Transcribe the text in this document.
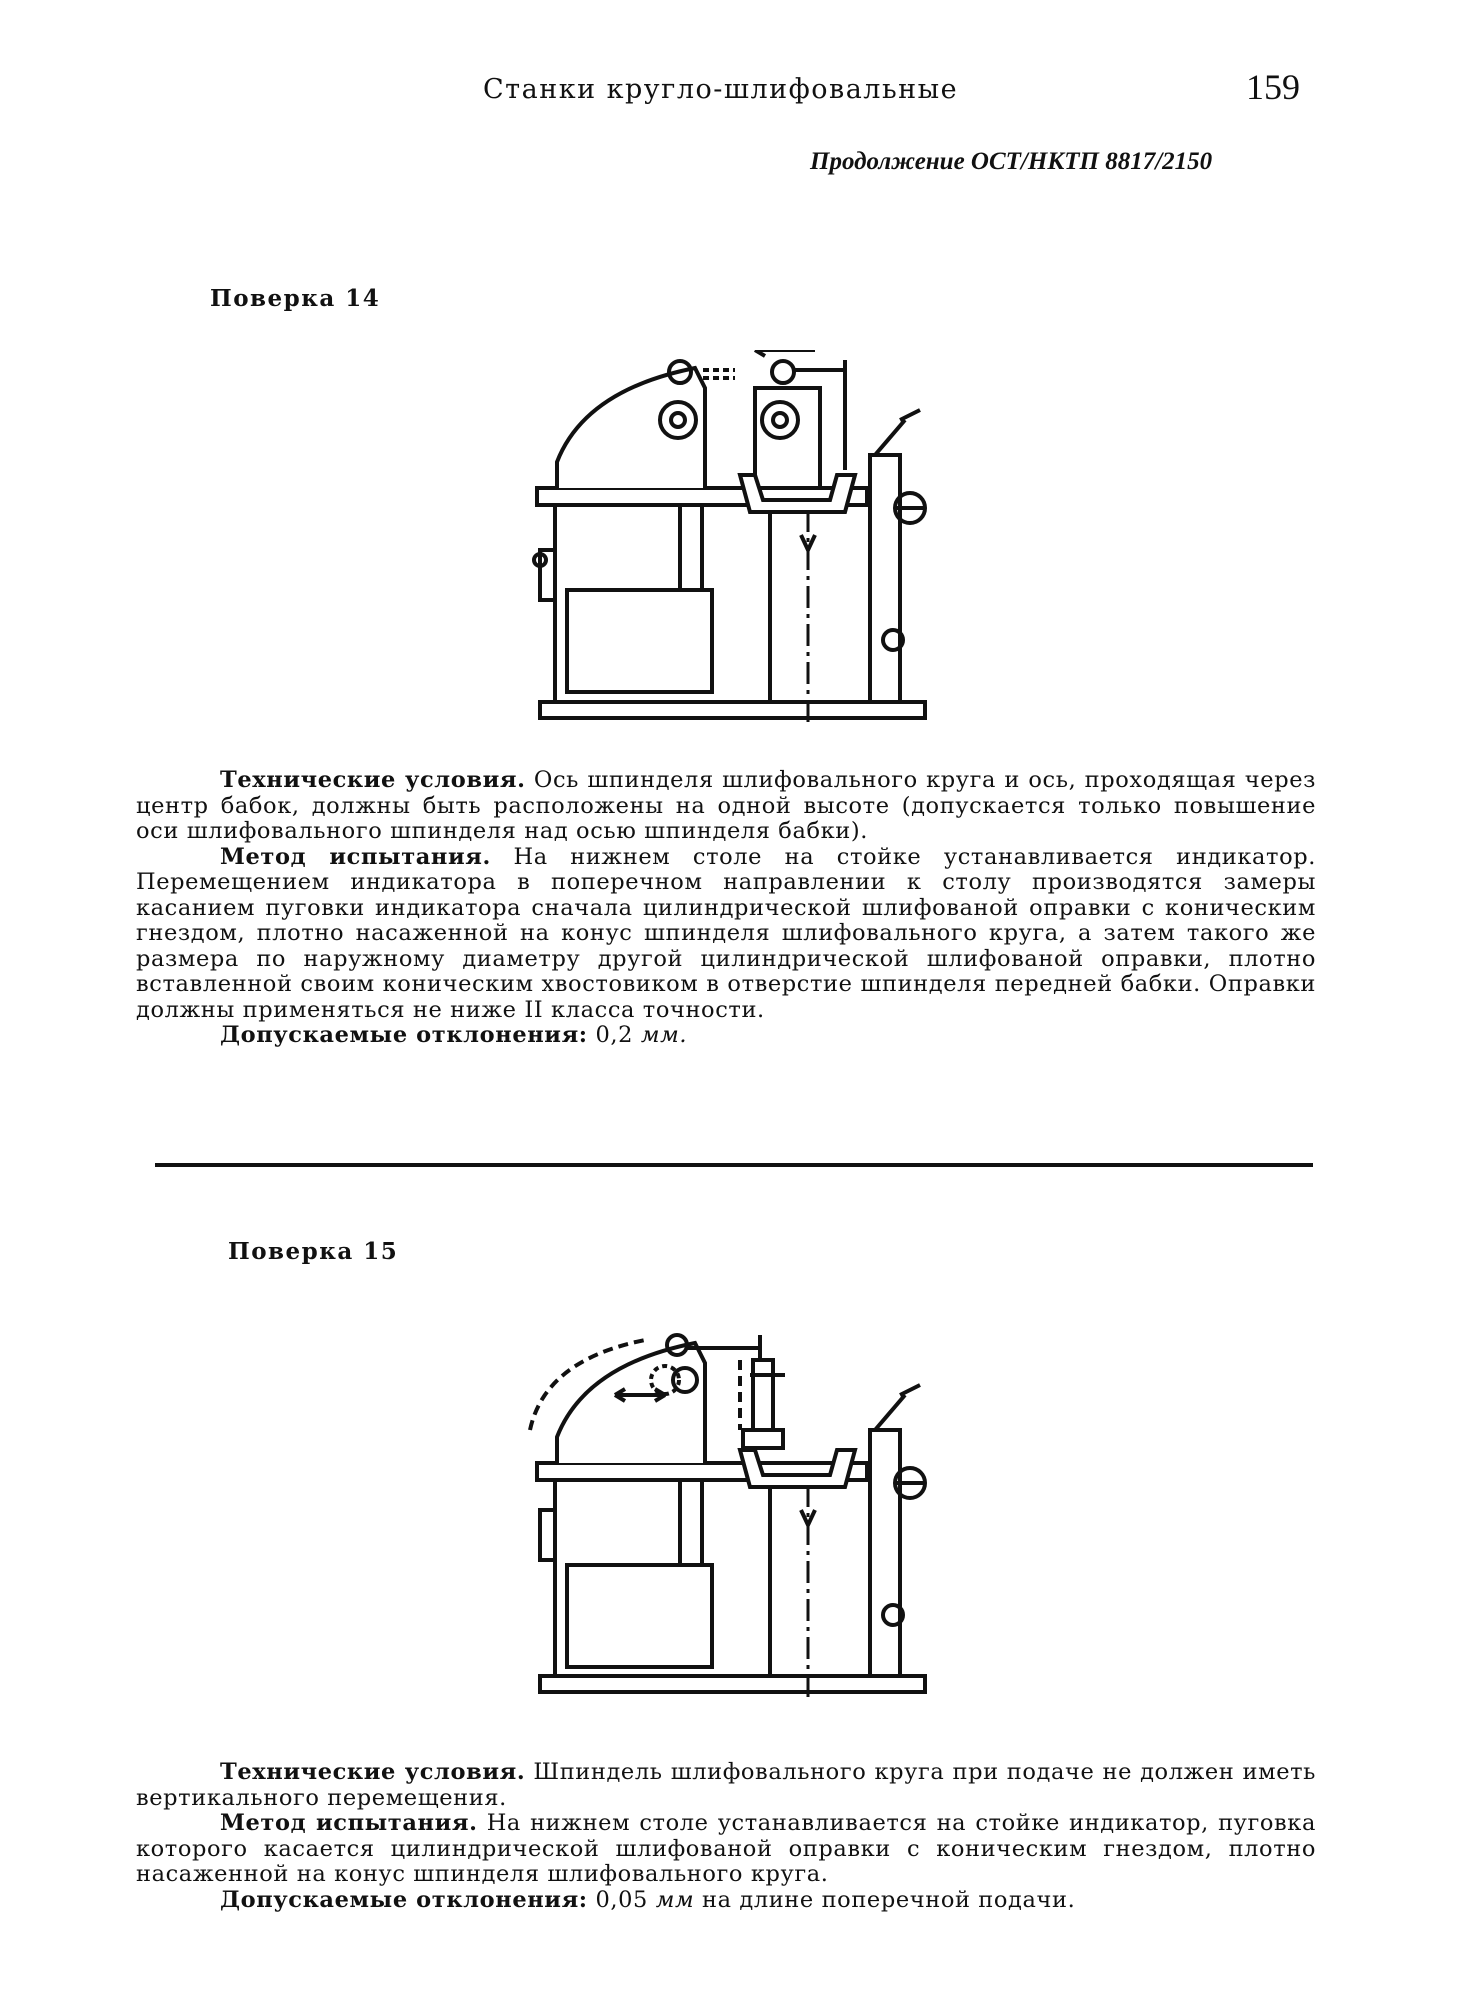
Станки кругло-шлифовальные	159
Продолжение ОСТ/НКТП 8817/2150
Поверка 14

Технические условия. Ось шпинделя шлифовального круга и ось, проходящая через центр бабок, должны быть расположены на одной высоте (допускается только повышение оси шлифовального шпинделя над осью шпинделя бабки).

Метод испытания. На нижнем столе на стойке устанавливается индикатор. Перемещением индикатора в поперечном направлении к столу производятся замеры касанием пуговки индикатора сначала цилиндрической шлифованой оправки с коническим гнездом, плотно насаженной на конус шпинделя шлифовального круга, а затем такого же размера по наружному диаметру другой цилиндрической шлифованой оправки, плотно вставленной своим коническим хвостовиком в отверстие шпинделя передней бабки. Оправки должны применяться не ниже II класса точности.

Допускаемые отклонения: 0,2 мм.

Поверка 15

Технические условия. Шпиндель шлифовального круга при подаче не должен иметь вертикального перемещения.

Метод испытания. На нижнем столе устанавливается на стойке индикатор, пуговка которого касается цилиндрической шлифованой оправки с коническим гнездом, плотно насаженной на конус шпинделя шлифовального круга.

Допускаемые отклонения: 0,05 мм на длине поперечной подачи.
